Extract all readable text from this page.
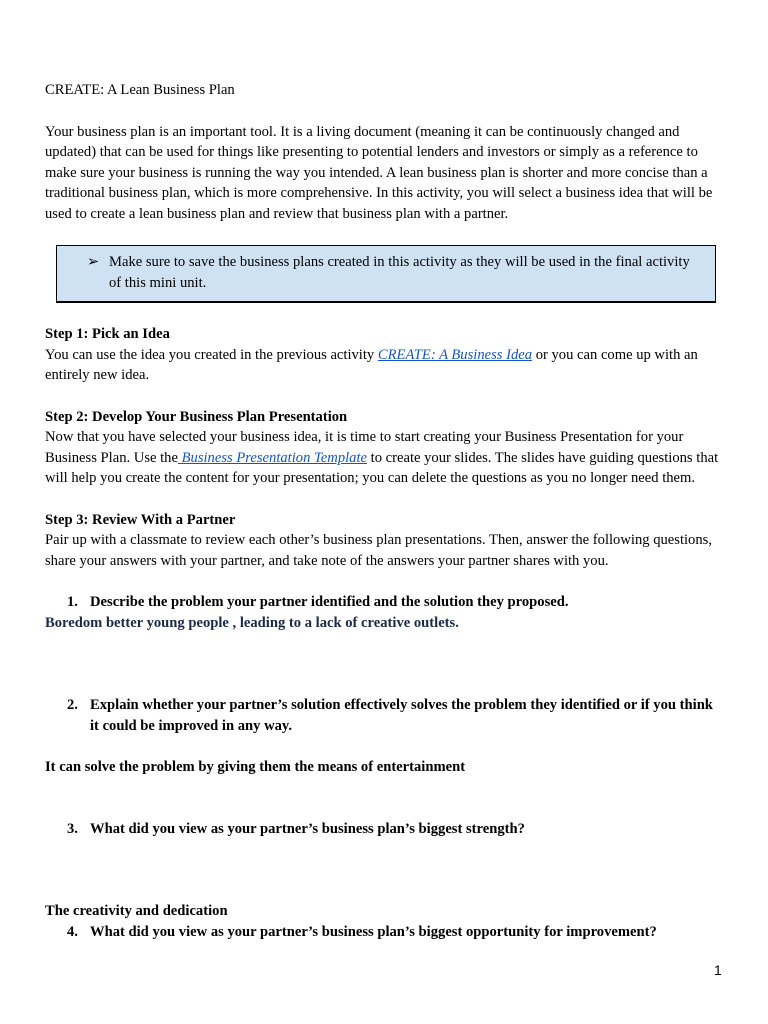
CREATE: A Lean Business Plan

Your business plan is an important tool. It is a living document (meaning it can be continuously changed and updated) that can be used for things like presenting to potential lenders and investors or simply as a reference to make sure your business is running the way you intended. A lean business plan is shorter and more concise than a traditional business plan, which is more comprehensive. In this activity, you will select a business idea that will be used to create a lean business plan and review that business plan with a partner.

➢ Make sure to save the business plans created in this activity as they will be used in the final activity of this mini unit.
Step 1: Pick an Idea
You can use the idea you created in the previous activity CREATE: A Business Idea or you can come up with an entirely new idea.
Step 2: Develop Your Business Plan Presentation
Now that you have selected your business idea, it is time to start creating your Business Presentation for your Business Plan. Use the Business Presentation Template to create your slides. The slides have guiding questions that will help you create the content for your presentation; you can delete the questions as you no longer need them.
Step 3: Review With a Partner
Pair up with a classmate to review each other’s business plan presentations. Then, answer the following questions, share your answers with your partner, and take note of the answers your partner shares with you.
1. Describe the problem your partner identified and the solution they proposed.
Boredom better young people , leading to a lack of creative outlets.
2. Explain whether your partner’s solution effectively solves the problem they identified or if you think it could be improved in any way.
It can solve the problem by giving them the means of entertainment
3. What did you view as your partner’s business plan’s biggest strength?
The creativity and dedication
4. What did you view as your partner’s business plan’s biggest opportunity for improvement?
1
